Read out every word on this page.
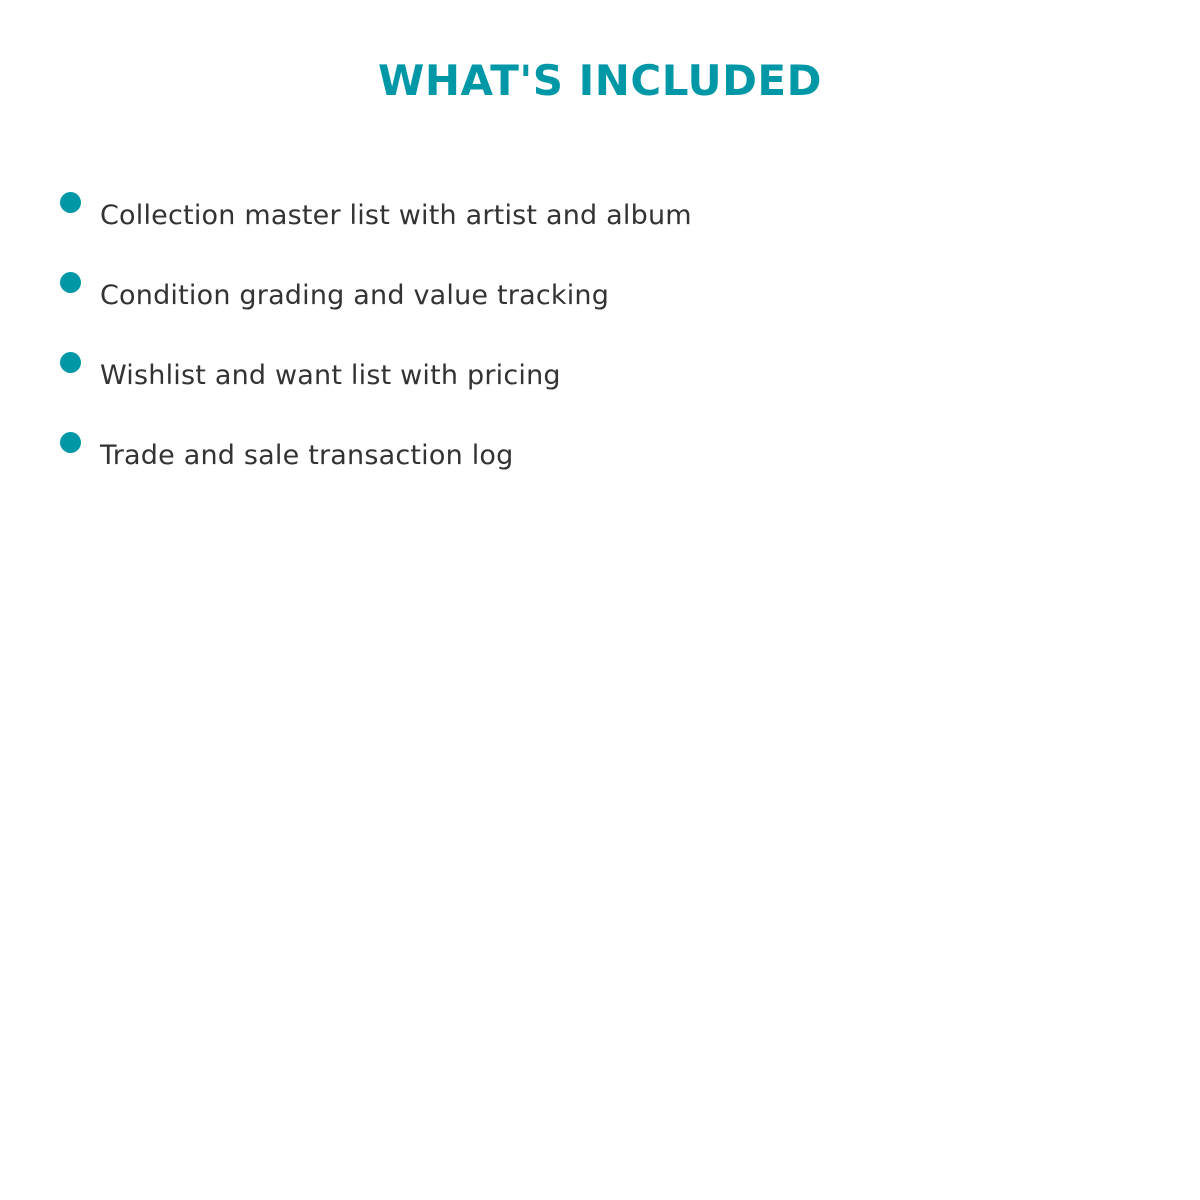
WHAT'S INCLUDED
Collection master list with artist and album
Condition grading and value tracking
Wishlist and want list with pricing
Trade and sale transaction log
